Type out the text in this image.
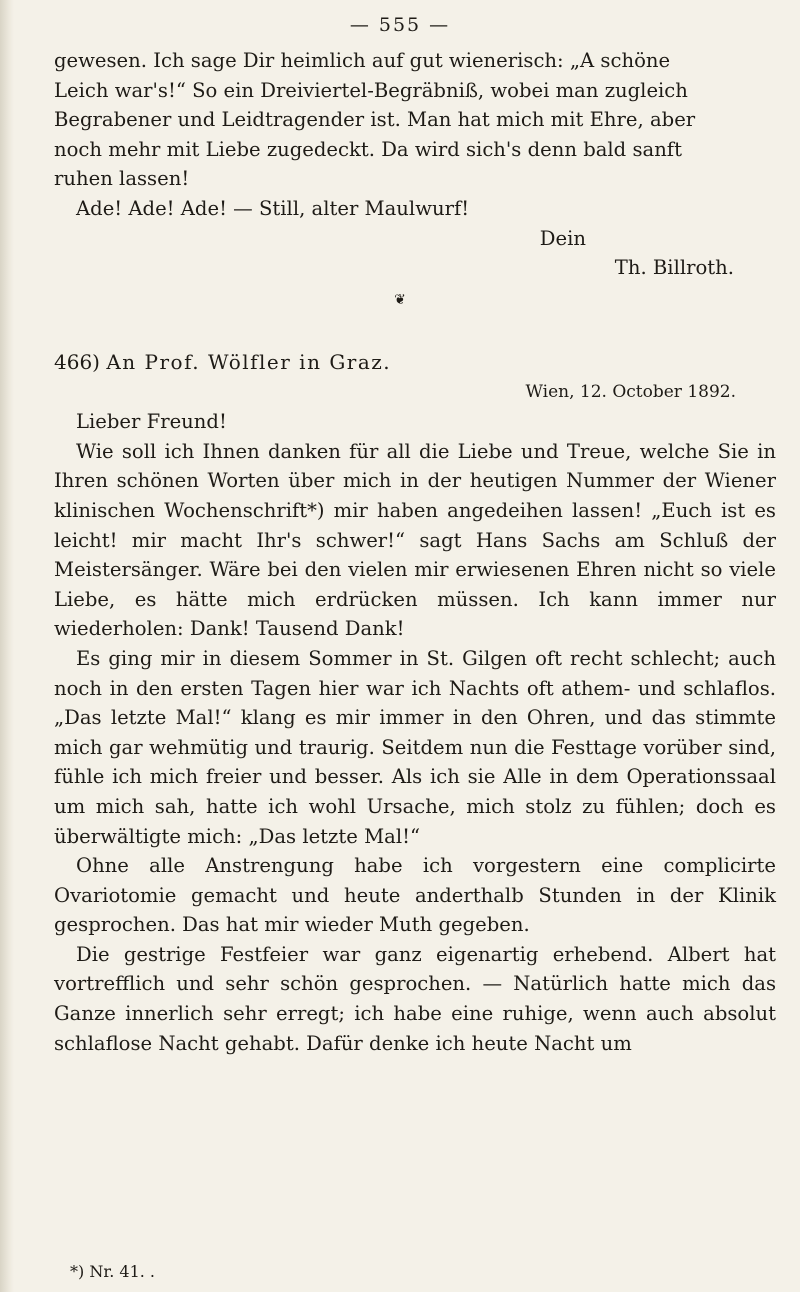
— 555 —

gewesen. Ich sage Dir heimlich auf gut wienerisch: „A schöne

Leich war's!“ So ein Dreiviertel-Begräbniß, wobei man zugleich

Begrabener und Leidtragender ist. Man hat mich mit Ehre, aber

noch mehr mit Liebe zugedeckt. Da wird sich's denn bald sanft

ruhen lassen!

Ade! Ade! Ade! — Still, alter Maulwurf!

Dein

Th. Billroth.

❦

466) An Prof. Wölfler in Graz.

Wien, 12. October 1892.

Lieber Freund!

Wie soll ich Ihnen danken für all die Liebe und Treue, welche Sie in Ihren schönen Worten über mich in der heutigen Nummer der Wiener klinischen Wochenschrift*) mir haben angedeihen lassen! „Euch ist es leicht! mir macht Ihr's schwer!“ sagt Hans Sachs am Schluß der Meistersänger. Wäre bei den vielen mir erwiesenen Ehren nicht so viele Liebe, es hätte mich erdrücken müssen. Ich kann immer nur wiederholen: Dank! Tausend Dank!

Es ging mir in diesem Sommer in St. Gilgen oft recht schlecht; auch noch in den ersten Tagen hier war ich Nachts oft athem- und schlaflos. „Das letzte Mal!“ klang es mir immer in den Ohren, und das stimmte mich gar wehmütig und traurig. Seitdem nun die Festtage vorüber sind, fühle ich mich freier und besser. Als ich sie Alle in dem Operationssaal um mich sah, hatte ich wohl Ursache, mich stolz zu fühlen; doch es überwältigte mich: „Das letzte Mal!“

Ohne alle Anstrengung habe ich vorgestern eine complicirte Ovariotomie gemacht und heute anderthalb Stunden in der Klinik gesprochen. Das hat mir wieder Muth gegeben.

Die gestrige Festfeier war ganz eigenartig erhebend. Albert hat vortrefflich und sehr schön gesprochen. — Natürlich hatte mich das Ganze innerlich sehr erregt; ich habe eine ruhige, wenn auch absolut schlaflose Nacht gehabt. Dafür denke ich heute Nacht um

*) Nr. 41. .
